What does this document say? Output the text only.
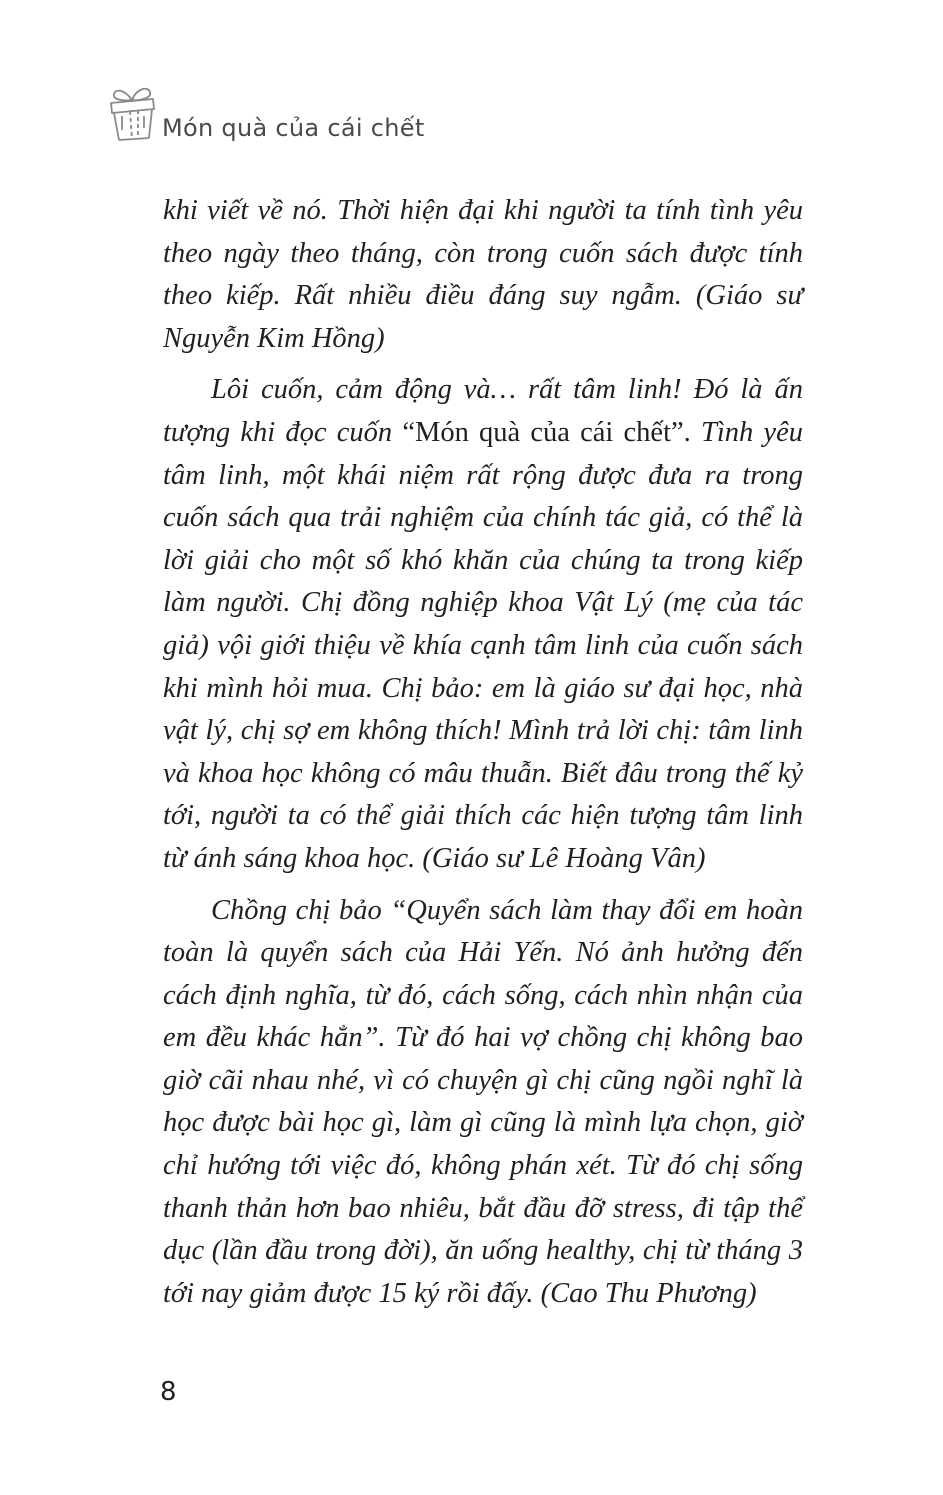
Món quà của cái chết

khi viết về nó. Thời hiện đại khi người ta tính tình yêu theo ngày theo tháng, còn trong cuốn sách được tính theo kiếp. Rất nhiều điều đáng suy ngẫm. (Giáo sư Nguyễn Kim Hồng)

Lôi cuốn, cảm động và… rất tâm linh! Đó là ấn tượng khi đọc cuốn “Món quà của cái chết”. Tình yêu tâm linh, một khái niệm rất rộng được đưa ra trong cuốn sách qua trải nghiệm của chính tác giả, có thể là lời giải cho một số khó khăn của chúng ta trong kiếp làm người. Chị đồng nghiệp khoa Vật Lý (mẹ của tác giả) vội giới thiệu về khía cạnh tâm linh của cuốn sách khi mình hỏi mua. Chị bảo: em là giáo sư đại học, nhà vật lý, chị sợ em không thích! Mình trả lời chị: tâm linh và khoa học không có mâu thuẫn. Biết đâu trong thế kỷ tới, người ta có thể giải thích các hiện tượng tâm linh từ ánh sáng khoa học. (Giáo sư Lê Hoàng Vân)

Chồng chị bảo “Quyển sách làm thay đổi em hoàn toàn là quyển sách của Hải Yến. Nó ảnh hưởng đến cách định nghĩa, từ đó, cách sống, cách nhìn nhận của em đều khác hẳn”. Từ đó hai vợ chồng chị không bao giờ cãi nhau nhé, vì có chuyện gì chị cũng ngồi nghĩ là học được bài học gì, làm gì cũng là mình lựa chọn, giờ chỉ hướng tới việc đó, không phán xét. Từ đó chị sống thanh thản hơn bao nhiêu, bắt đầu đỡ stress, đi tập thể dục (lần đầu trong đời), ăn uống healthy, chị từ tháng 3 tới nay giảm được 15 ký rồi đấy. (Cao Thu Phương)

8
